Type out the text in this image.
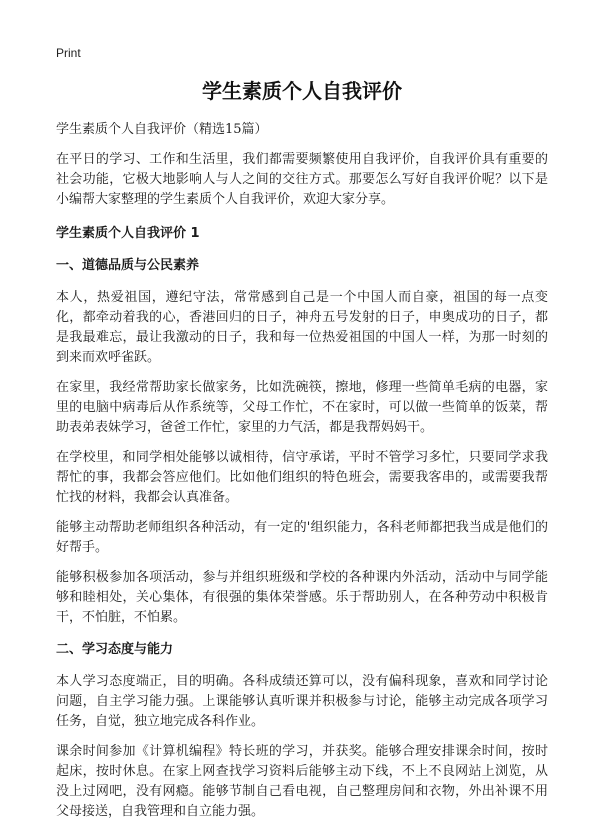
Print
学生素质个人自我评价
学生素质个人自我评价（精选15篇）

在平日的学习、工作和生活里，我们都需要频繁使用自我评价，自我评价具有重要的社会功能，它极大地影响人与人之间的交往方式。那要怎么写好自我评价呢？以下是小编帮大家整理的学生素质个人自我评价，欢迎大家分享。

学生素质个人自我评价 1
一、道德品质与公民素养

本人，热爱祖国，遵纪守法，常常感到自己是一个中国人而自豪，祖国的每一点变化，都牵动着我的心，香港回归的日子，神舟五号发射的日子，申奥成功的日子，都是我最难忘，最让我激动的日子，我和每一位热爱祖国的中国人一样，为那一时刻的到来而欢呼雀跃。

在家里，我经常帮助家长做家务，比如洗碗筷，擦地，修理一些简单毛病的电器，家里的电脑中病毒后从作系统等，父母工作忙，不在家时，可以做一些简单的饭菜，帮助表弟表妹学习，爸爸工作忙，家里的力气活，都是我帮妈妈干。

在学校里，和同学相处能够以诚相待，信守承诺，平时不管学习多忙，只要同学求我帮忙的事，我都会答应他们。比如他们组织的特色班会，需要我客串的，或需要我帮忙找的材料，我都会认真准备。

能够主动帮助老师组织各种活动，有一定的'组织能力，各科老师都把我当成是他们的好帮手。

能够积极参加各项活动，参与并组织班级和学校的各种课内外活动，活动中与同学能够和睦相处，关心集体，有很强的集体荣誉感。乐于帮助别人，在各种劳动中积极肯干，不怕脏，不怕累。

二、学习态度与能力

本人学习态度端正，目的明确。各科成绩还算可以，没有偏科现象，喜欢和同学讨论问题，自主学习能力强。上课能够认真听课并积极参与讨论，能够主动完成各项学习任务，自觉，独立地完成各科作业。

课余时间参加《计算机编程》特长班的学习，并获奖。能够合理安排课余时间，按时起床，按时休息。在家上网查找学习资料后能够主动下线，不上不良网站上浏览，从没上过网吧，没有网瘾。能够节制自己看电视，自己整理房间和衣物，外出补课不用父母接送，自我管理和自立能力强。
